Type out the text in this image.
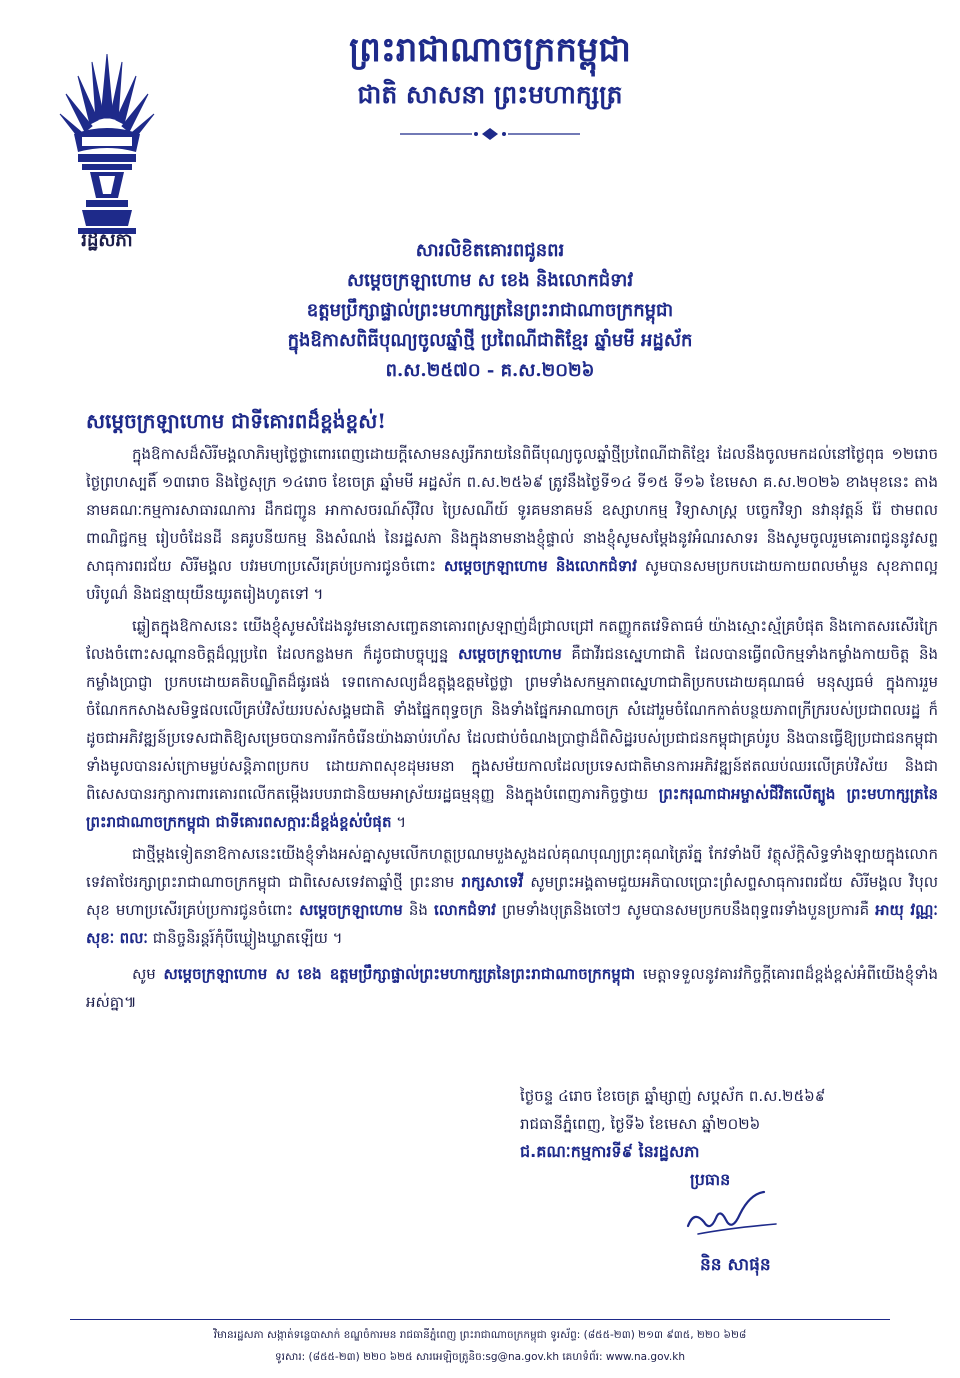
រដ្ឋសភា
ព្រះរាជាណាចក្រកម្ពុជា
ជាតិ សាសនា ព្រះមហាក្សត្រ

សារលិខិតគោរពជូនពរ

សម្តេចក្រឡាហោម ស ខេង និងលោកជំទាវ

ឧត្តមប្រឹក្សាផ្ទាល់ព្រះមហាក្សត្រនៃព្រះរាជាណាចក្រកម្ពុជា

ក្នុងឱកាសពិធីបុណ្យចូលឆ្នាំថ្មី ប្រពៃណីជាតិខ្មែរ ឆ្នាំមមី អដ្ឋស័ក

ព.ស.២៥៧០ - គ.ស.២០២៦

សម្តេចក្រឡាហោម ជាទីគោរពដ៏ខ្ពង់ខ្ពស់!

ក្នុងឱកាសដ៏សិរីមង្គលាភិរម្យថ្លៃថ្លាពោរពេញដោយក្តីសោមនស្សរីករាយនៃពិធីបុណ្យចូលឆ្នាំថ្មីប្រពៃណីជាតិខ្មែរ ដែលនឹងចូលមកដល់នៅថ្ងៃពុធ ១២រោច ថ្ងៃព្រហស្បតិ៍ ១៣រោច និងថ្ងៃសុក្រ ១៤រោច ខែចេត្រ ឆ្នាំមមី អដ្ឋស័ក ព.ស.២៥៦៩ ត្រូវនឹងថ្ងៃទី១៤ ទី១៥ ទី១៦ ខែមេសា គ.ស.២០២៦ ខាងមុខនេះ តាងនាមគណៈកម្មការសាធារណការ ដឹកជញ្ជូន អាកាសចរណ៍ស៊ីវិល ប្រៃសណីយ៍ ទូរគមនាគមន៍ ឧស្សាហកម្ម វិទ្យាសាស្ត្រ បច្ចេកវិទ្យា នវានុវត្តន៍ រ៉ែ ថាមពល ពាណិជ្ជកម្ម រៀបចំដែនដី នគរូបនីយកម្ម និងសំណង់ នៃរដ្ឋសភា និងក្នុងនាមនាងខ្ញុំផ្ទាល់ នាងខ្ញុំសូមសម្តែងនូវអំណរសាទរ និងសូមចូលរួមគោរពជូននូវសព្ទសាធុការពរជ័យ សិរីមង្គល បវរមហាប្រសើរគ្រប់ប្រការជូនចំពោះ សម្តេចក្រឡាហោម និងលោកជំទាវ សូមបានសមប្រកបដោយកាយពលមាំមួន សុខភាពល្អបរិបូណ៌ និងជន្មាយុយឺនយូរតរៀងហូតទៅ ។

ឆ្លៀតក្នុងឱកាសនេះ យើងខ្ញុំសូមសំដែងនូវមនោសញ្ចេតនាគោរពស្រឡាញ់ដ៏ជ្រាលជ្រៅ កតញ្ញូកតវេទិតាធម៌ យ៉ាងស្មោះស្ម័គ្របំផុត និងកោតសរសើរក្រៃលែងចំពោះសណ្តានចិត្តដ៏ល្អប្រពៃ ដែលកន្លងមក ក៏ដូចជាបច្ចុប្បន្ន សម្តេចក្រឡាហោម គឺជាវីរជនស្នេហាជាតិ ដែលបានធ្វើពលិកម្មទាំងកម្លាំងកាយចិត្ត និងកម្លាំងប្រាជ្ញា ប្រកបដោយគតិបណ្ឌិតដ៏ផូរផង់ ទេពកោសល្យដ៏ឧត្តុង្គឧត្តមថ្លៃថ្លា ព្រមទាំងសកម្មភាពស្នេហាជាតិប្រកបដោយគុណធម៌ មនុស្សធម៌ ក្នុងការរួមចំណែកកសាងសមិទ្ធផលលើគ្រប់វិស័យរបស់សង្គមជាតិ ទាំងផ្នែកពុទ្ធចក្រ និងទាំងផ្នែកអាណាចក្រ សំដៅរួមចំណែកកាត់បន្ថយភាពក្រីក្ររបស់ប្រជាពលរដ្ឋ ក៏ដូចជាអភិវឌ្ឍន៍ប្រទេសជាតិឱ្យសម្រេចបានការរីកចំរើនយ៉ាងឆាប់រហ័ស ដែលជាប់ចំណងប្រាជ្ញាដ៏ពិសិដ្ឋរបស់ប្រជាជនកម្ពុជាគ្រប់រូប និងបានធ្វើឱ្យប្រជាជនកម្ពុជាទាំងមូលបានរស់ក្រោមម្លប់សន្តិភាពប្រកប ដោយភាពសុខដុមរមនា ក្នុងសម័យកាលដែលប្រទេសជាតិមានការអភិវឌ្ឍន៍ឥតឈប់ឈរលើគ្រប់វិស័យ និងជាពិសេសបានរក្សាការពារគោរពលើកតម្កើងរបបរាជានិយមអាស្រ័យរដ្ឋធម្មនុញ្ញ និងក្នុងបំពេញភារកិច្ចថ្វាយ ព្រះករុណាជាអម្ចាស់ជីវិតលើត្បូង ព្រះមហាក្សត្រនៃព្រះរាជាណាចក្រកម្ពុជា ជាទីគោរពសក្ការៈដ៏ខ្ពង់ខ្ពស់បំផុត ។

ជាថ្មីម្តងទៀតនាឱកាសនេះយើងខ្ញុំទាំងអស់គ្នាសូមលើកហត្ថប្រណមបួងសួងដល់គុណបុណ្យព្រះគុណត្រៃរ័ត្ន កែវទាំងបី វត្ថុស័ក្តិសិទ្ធទាំងឡាយក្នុងលោក ទេវតាថែរក្សាព្រះរាជាណាចក្រកម្ពុជា ជាពិសេសទេវតាឆ្នាំថ្មី ព្រះនាម រាក្សសាទេវី សូមព្រះអង្គតាមជួយអភិបាលប្រោះព្រំសព្ទសាធុការពរជ័យ សិរីមង្គល វិបុលសុខ មហាប្រសើរគ្រប់ប្រការជូនចំពោះ សម្តេចក្រឡាហោម និង លោកជំទាវ ព្រមទាំងបុត្រនិងចៅៗ សូមបានសមប្រកបនឹងពុទ្ធពរទាំងបួនប្រការគឺ អាយុ វណ្ណៈ សុខៈ ពលៈ ជានិច្ចនិរន្តរ៍កុំបីឃ្លៀងឃ្លាតឡើយ ។

សូម សម្តេចក្រឡាហោម ស ខេង ឧត្តមប្រឹក្សាផ្ទាល់ព្រះមហាក្សត្រនៃព្រះរាជាណាចក្រកម្ពុជា មេត្តាទទួលនូវគារវកិច្ចក្តីគោរពដ៏ខ្ពង់ខ្ពស់អំពីយើងខ្ញុំទាំងអស់គ្នា៕

ថ្ងៃចន្ទ ៤រោច ខែចេត្រ ឆ្នាំម្សាញ់ សប្តស័ក ព.ស.២៥៦៩
រាជធានីភ្នំពេញ, ថ្ងៃទី៦ ខែមេសា ឆ្នាំ២០២៦
ជ.គណៈកម្មការទី៩ នៃរដ្ឋសភា
ប្រធាន
និន សាផុន
វិមានរដ្ឋសភា សង្កាត់ទន្លេបាសាក់ ខណ្ឌចំការមន រាជធានីភ្នំពេញ ព្រះរាជាណាចក្រកម្ពុជា ទូរស័ព្ទ: (៨៥៥-២៣) ២១៣ ៩៣៥, ២២០ ៦២៨
ទូរសារ: (៨៥៥-២៣) ២២០ ៦២៥ សារអេឡិចត្រូនិច:sg@na.gov.kh គេហទំព័រ: www.na.gov.kh
